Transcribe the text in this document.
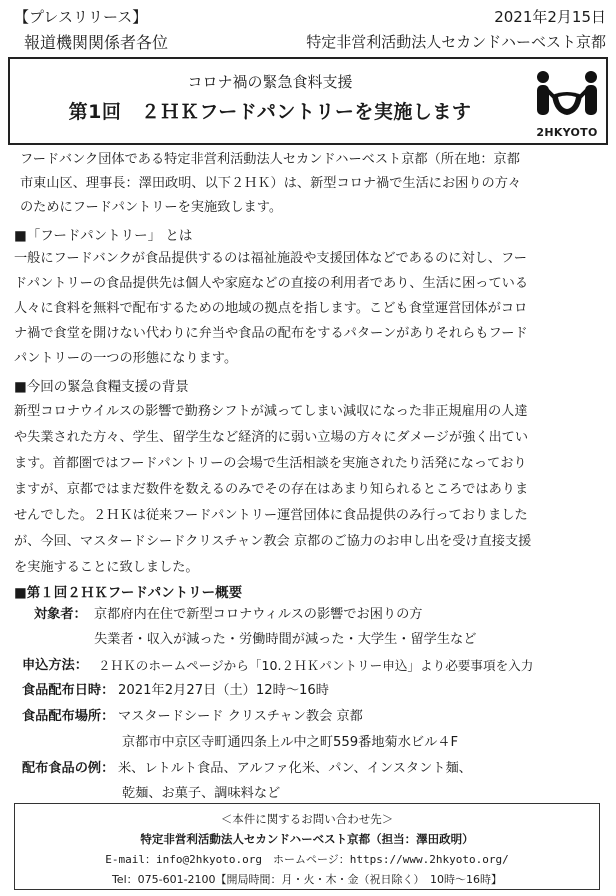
【プレスリリース】	2021年2月15日
報道機関関係者各位	特定非営利活動法人セカンドハーベスト京都
コロナ禍の緊急食料支援
第1回　２ＨＫフードパントリーを実施します
2HKYOTO
フードバンク団体である特定非営利活動法人セカンドハーベスト京都（所在地：京都
市東山区、理事長：澤田政明、以下２ＨＫ）は、新型コロナ禍で生活にお困りの方々
のためにフードパントリーを実施致します。
■「フードパントリー」 とは
一般にフードバンクが食品提供するのは福祉施設や支援団体などであるのに対し、フー
ドパントリーの食品提供先は個人や家庭などの直接の利用者であり、生活に困っている
人々に食料を無料で配布するための地域の拠点を指します。こども食堂運営団体がコロ
ナ禍で食堂を開けない代わりに弁当や食品の配布をするパターンがありそれらもフード
パントリーの一つの形態になります。
■今回の緊急食糧支援の背景
新型コロナウイルスの影響で勤務シフトが減ってしまい減収になった非正規雇用の人達
や失業された方々、学生、留学生など経済的に弱い立場の方々にダメージが強く出てい
ます。首都圏ではフードパントリーの会場で生活相談を実施されたり活発になっており
ますが、京都ではまだ数件を数えるのみでその存在はあまり知られるところではありま
せんでした。２ＨＫは従来フードパントリー運営団体に食品提供のみ行っておりました
が、今回、マスタードシードクリスチャン教会 京都のご協力のお申し出を受け直接支援
を実施することに致しました。
■第１回２ＨＫフードパントリー概要
対象者： 京都府内在住で新型コロナウィルスの影響でお困りの方
失業者・収入が減った・労働時間が減った・大学生・留学生など
申込方法： ２ＨＫのホームページから「10.２ＨＫパントリー申込」より必要事項を入力
食品配布日時： 2021年2月27日（土）12時～16時
食品配布場所： マスタードシード クリスチャン教会 京都
京都市中京区寺町通四条上ル中之町559番地菊水ビル４F
配布食品の例： 米、レトルト食品、アルファ化米、パン、インスタント麺、
乾麺、お菓子、調味料など
＜本件に関するお問い合わせ先＞
特定非営利活動法人セカンドハーベスト京都（担当：澤田政明）
E-mail：info@2hkyoto.org　ホームページ：https://www.2hkyoto.org/
Tel：075-601-2100【開局時間：月・火・木・金（祝日除く）　10時～16時】
